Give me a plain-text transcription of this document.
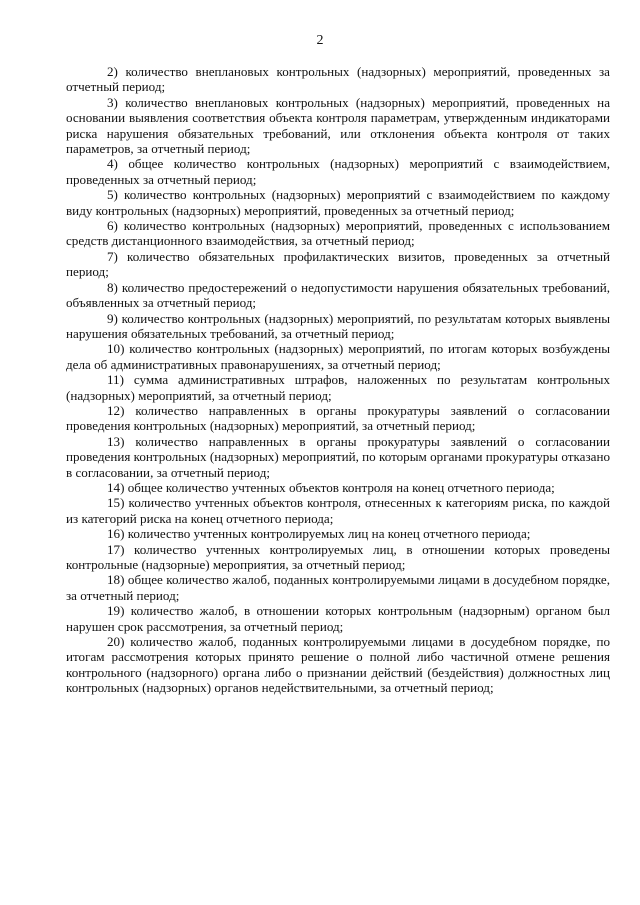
2

2) количество внеплановых контрольных (надзорных) мероприятий, проведенных за отчетный период;

3) количество внеплановых контрольных (надзорных) мероприятий, проведенных на основании выявления соответствия объекта контроля параметрам, утвержденным индикаторами риска нарушения обязательных требований, или отклонения объекта контроля от таких параметров, за отчетный период;

4) общее количество контрольных (надзорных) мероприятий с взаимодействием, проведенных за отчетный период;

5) количество контрольных (надзорных) мероприятий с взаимодействием по каждому виду контрольных (надзорных) мероприятий, проведенных за отчетный период;

6) количество контрольных (надзорных) мероприятий, проведенных с использованием средств дистанционного взаимодействия, за отчетный период;

7) количество обязательных профилактических визитов, проведенных за отчетный период;

8) количество предостережений о недопустимости нарушения обязательных требований, объявленных за отчетный период;

9) количество контрольных (надзорных) мероприятий, по результатам которых выявлены нарушения обязательных требований, за отчетный период;

10) количество контрольных (надзорных) мероприятий, по итогам которых возбуждены дела об административных правонарушениях, за отчетный период;

11) сумма административных штрафов, наложенных по результатам контрольных (надзорных) мероприятий, за отчетный период;

12) количество направленных в органы прокуратуры заявлений о согласовании проведения контрольных (надзорных) мероприятий, за отчетный период;

13) количество направленных в органы прокуратуры заявлений о согласовании проведения контрольных (надзорных) мероприятий, по которым органами прокуратуры отказано в согласовании, за отчетный период;

14) общее количество учтенных объектов контроля на конец отчетного периода;

15) количество учтенных объектов контроля, отнесенных к категориям риска, по каждой из категорий риска на конец отчетного периода;

16) количество учтенных контролируемых лиц на конец отчетного периода;

17) количество учтенных контролируемых лиц, в отношении которых проведены контрольные (надзорные) мероприятия, за отчетный период;

18) общее количество жалоб, поданных контролируемыми лицами в досудебном порядке, за отчетный период;

19) количество жалоб, в отношении которых контрольным (надзорным) органом был нарушен срок рассмотрения, за отчетный период;

20) количество жалоб, поданных контролируемыми лицами в досудебном порядке, по итогам рассмотрения которых принято решение о полной либо частичной отмене решения контрольного (надзорного) органа либо о признании действий (бездействия) должностных лиц контрольных (надзорных) органов недействительными, за отчетный период;
